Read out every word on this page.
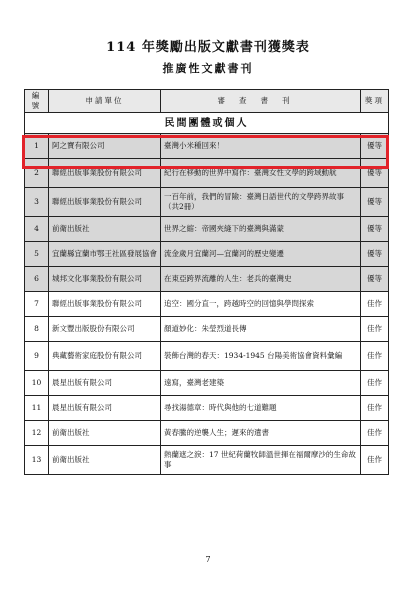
114 年獎勵出版文獻書刊獲獎表
推廣性文獻書刊
編號	申請單位	審查書刊	獎項
民間團體或個人			
1	阿之寶有限公司	臺灣小米種回來！	優等
2	聯經出版事業股份有限公司	紀行在移動的世界中寫作：臺灣女性文學的跨域動航	優等
3	聯經出版事業股份有限公司	一百年前，我們的冒險：臺灣日語世代的文學跨界故事（共2冊）	優等
4	前衛出版社	世界之縮：帝國夾縫下的臺灣與滿蒙	優等
5	宜蘭縣宜蘭市鄂王社區發展協會	流金歲月宜蘭河—宜蘭河的歷史變遷	優等
6	城邦文化事業股份有限公司	在東亞跨界流離的人生：老兵的臺灣史	優等
7	聯經出版事業股份有限公司	追空：國分直一，跨越時空的回憶與學問探索	佳作
8	新文豐出版股份有限公司	顏道妙化：朱瑩烈道長傳	佳作
9	典藏藝術家庭股份有限公司	裝飾台灣的春天：1934-1945 台陽美術協會資料彙編	佳作
10	晨星出版有限公司	遠寫，臺灣老建築	佳作
11	晨星出版有限公司	尋找湯德章：時代與他的七道難題	佳作
12	前衛出版社	黃春騰的逆襲人生；遲來的遺書	佳作
13	前衛出版社	熱蘭遮之淚：17 世紀荷蘭牧師溫世揮在福爾摩沙的生命故事	佳作
7
